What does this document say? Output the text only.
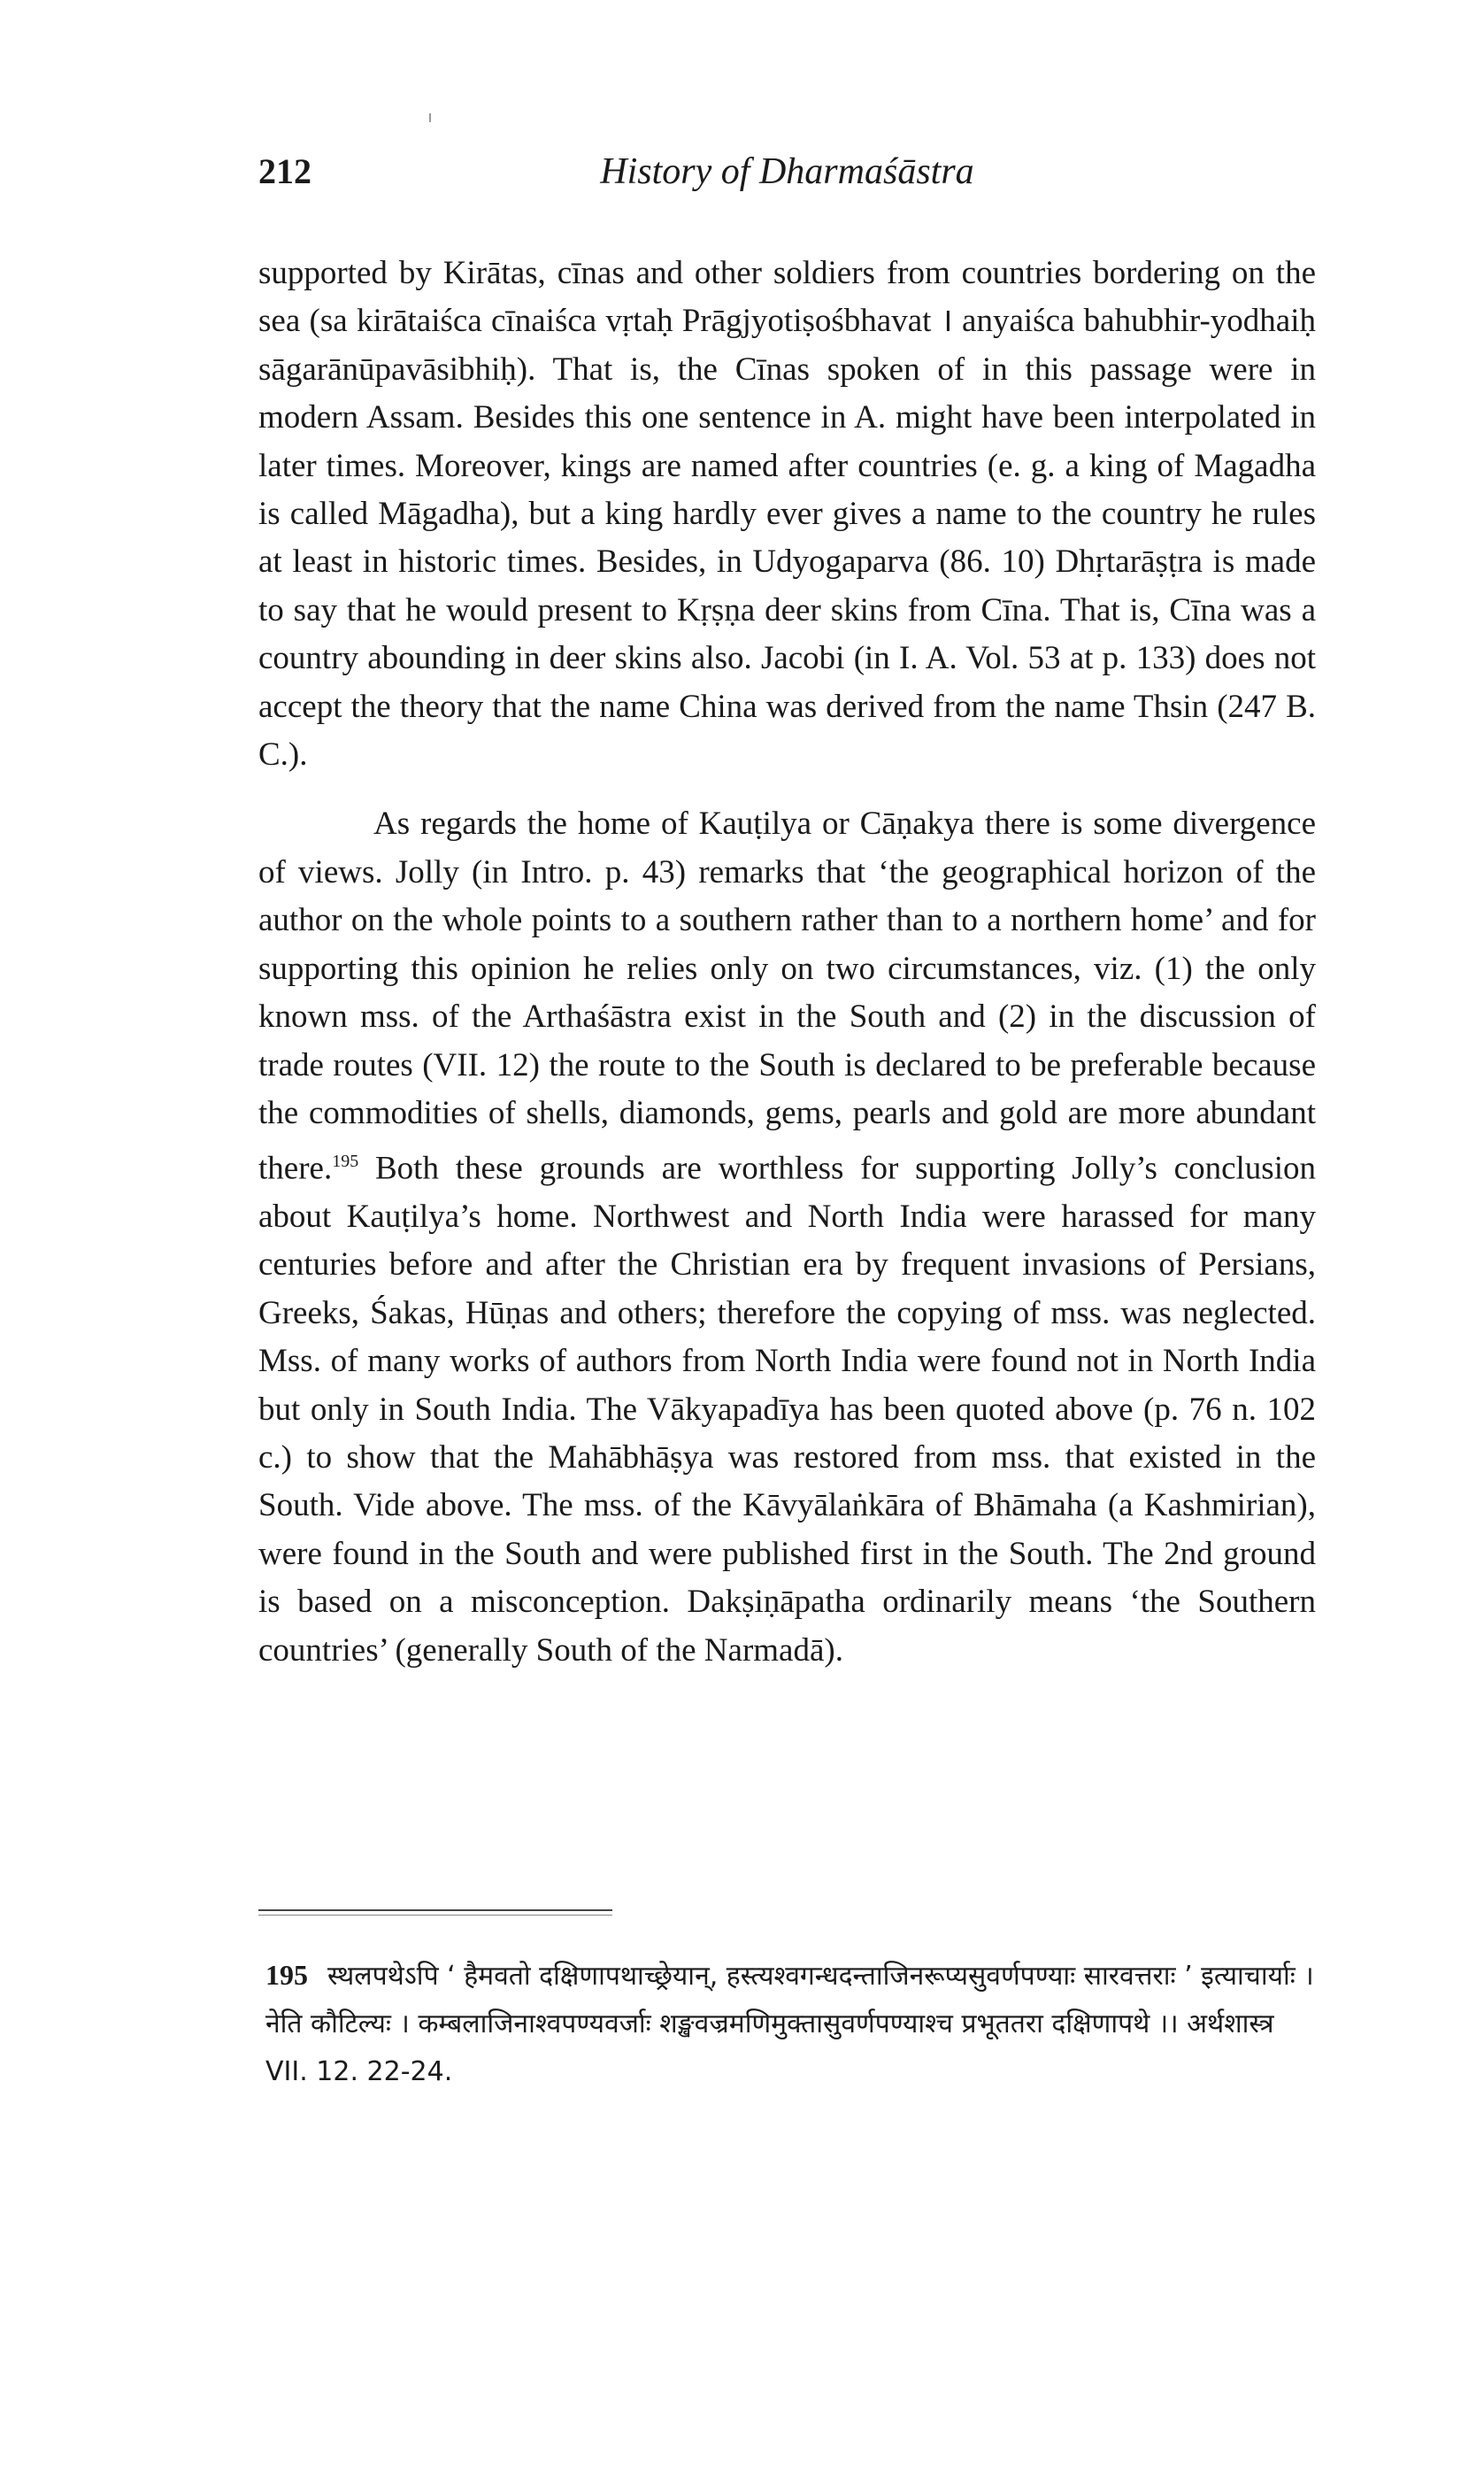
212	History of Dharmaśāstra

supported by Kirātas, cīnas and other soldiers from countries bordering on the sea (sa kirātaiśca cīnaiśca vṛtaḥ Prāgjyotiṣośbhavat । anyaiśca bahubhir-yodhaiḥ sāgarānūpavāsibhiḥ). That is, the Cīnas spoken of in this passage were in modern Assam. Besides this one sentence in A. might have been interpolated in later times. Moreover, kings are named after countries (e. g. a king of Magadha is called Māgadha), but a king hardly ever gives a name to the country he rules at least in historic times. Besides, in Udyogaparva (86. 10) Dhṛtarāṣṭra is made to say that he would present to Kṛṣṇa deer skins from Cīna. That is, Cīna was a country abounding in deer skins also. Jacobi (in I. A. Vol. 53 at p. 133) does not accept the theory that the name China was derived from the name Thsin (247 B. C.).

As regards the home of Kauṭilya or Cāṇakya there is some divergence of views. Jolly (in Intro. p. 43) remarks that ‘the geographical horizon of the author on the whole points to a southern rather than to a northern home’ and for supporting this opinion he relies only on two circumstances, viz. (1) the only known mss. of the Arthaśāstra exist in the South and (2) in the discussion of trade routes (VII. 12) the route to the South is declared to be preferable because the commodities of shells, diamonds, gems, pearls and gold are more abundant there.$^{195}$ Both these grounds are worthless for supporting Jolly’s conclusion about Kauṭilya’s home. Northwest and North India were harassed for many centuries before and after the Christian era by frequent invasions of Persians, Greeks, Śakas, Hūṇas and others; therefore the copying of mss. was neglected. Mss. of many works of authors from North India were found not in North India but only in South India. The Vākyapadīya has been quoted above (p. 76 n. 102 c.) to show that the Mahābhāṣya was restored from mss. that existed in the South. Vide above. The mss. of the Kāvyālaṅkāra of Bhāmaha (a Kashmirian), were found in the South and were published first in the South. The 2nd ground is based on a misconception. Dakṣiṇāpatha ordinarily means ‘the Southern countries’ (generally South of the Narmadā).

195 स्थलपथेऽपि ‘ हैमवतो दक्षिणापथाच्छ्रेयान्, हस्त्यश्वगन्धदन्ताजिनरूप्यसुवर्णपण्याः सारवत्तराः ’ इत्याचार्याः । नेति कौटिल्यः । कम्बलाजिनाश्वपण्यवर्जाः शङ्खवज्रमणिमुक्तासुवर्णपण्याश्च प्रभूततरा दक्षिणापथे ।। अर्थशास्त्र VII. 12. 22-24.
